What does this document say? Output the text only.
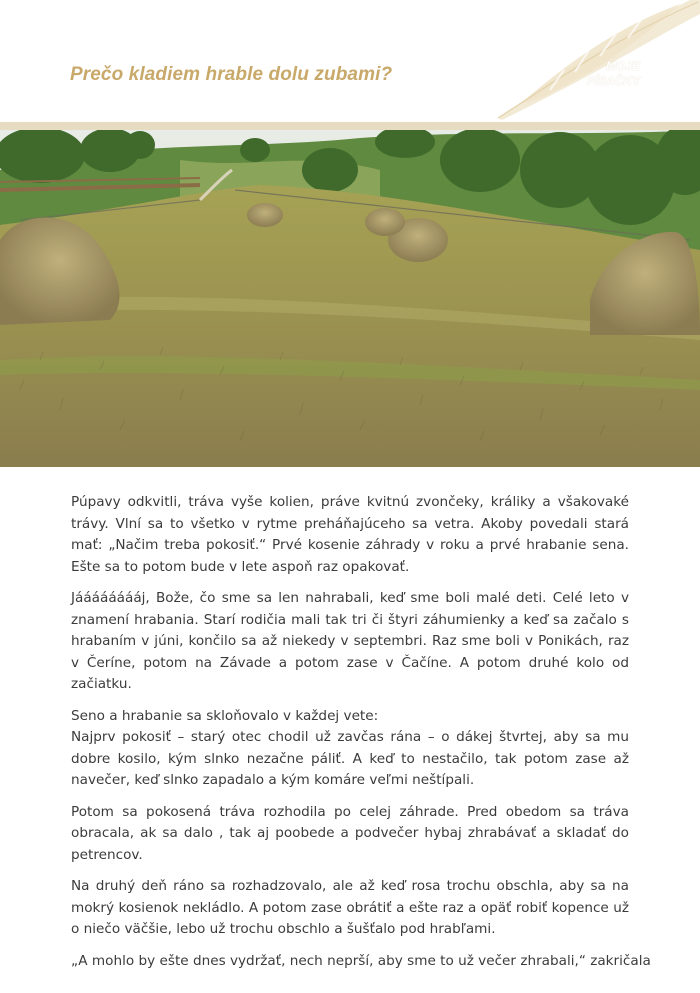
Prečo kladiem hrable dolu zubami?	MOJE
PÍSAČKY

Púpavy odkvitli, tráva vyše kolien, práve kvitnú zvončeky, králiky a všakovaké trávy. Vlní sa to všetko v rytme preháňajúceho sa vetra. Akoby povedali stará mať: „Načim treba pokosiť.“ Prvé kosenie záhrady v roku a prvé hrabanie sena. Ešte sa to potom bude v lete aspoň raz opakovať.

Jááááááááj, Bože, čo sme sa len nahrabali, keď sme boli malé deti. Celé leto v znamení hrabania. Starí rodičia mali tak tri či štyri záhumienky a keď sa začalo s hrabaním v júni, končilo sa až niekedy v septembri. Raz sme boli v Ponikách, raz v Čeríne, potom na Závade a potom zase v Čačíne. A potom druhé kolo od začiatku.

Seno a hrabanie sa skloňovalo v každej vete:

Najprv pokosiť – starý otec chodil už zavčas rána – o dákej štvrtej, aby sa mu dobre kosilo, kým slnko nezačne páliť. A keď to nestačilo, tak potom zase až navečer, keď slnko zapadalo a kým komáre veľmi neštípali.

Potom sa pokosená tráva rozhodila po celej záhrade. Pred obedom sa tráva obracala, ak sa dalo , tak aj poobede a podvečer hybaj zhrabávať a skladať do petrencov.

Na druhý deň ráno sa rozhadzovalo, ale až keď rosa trochu obschla, aby sa na mokrý kosienok nekládlo. A potom zase obrátiť a ešte raz a opäť robiť kopence už o niečo väčšie, lebo už trochu obschlo a šušťalo pod hrabľami.

„A mohlo by ešte dnes vydržať, nech neprší, aby sme to už večer zhrabali,“ zakričala
